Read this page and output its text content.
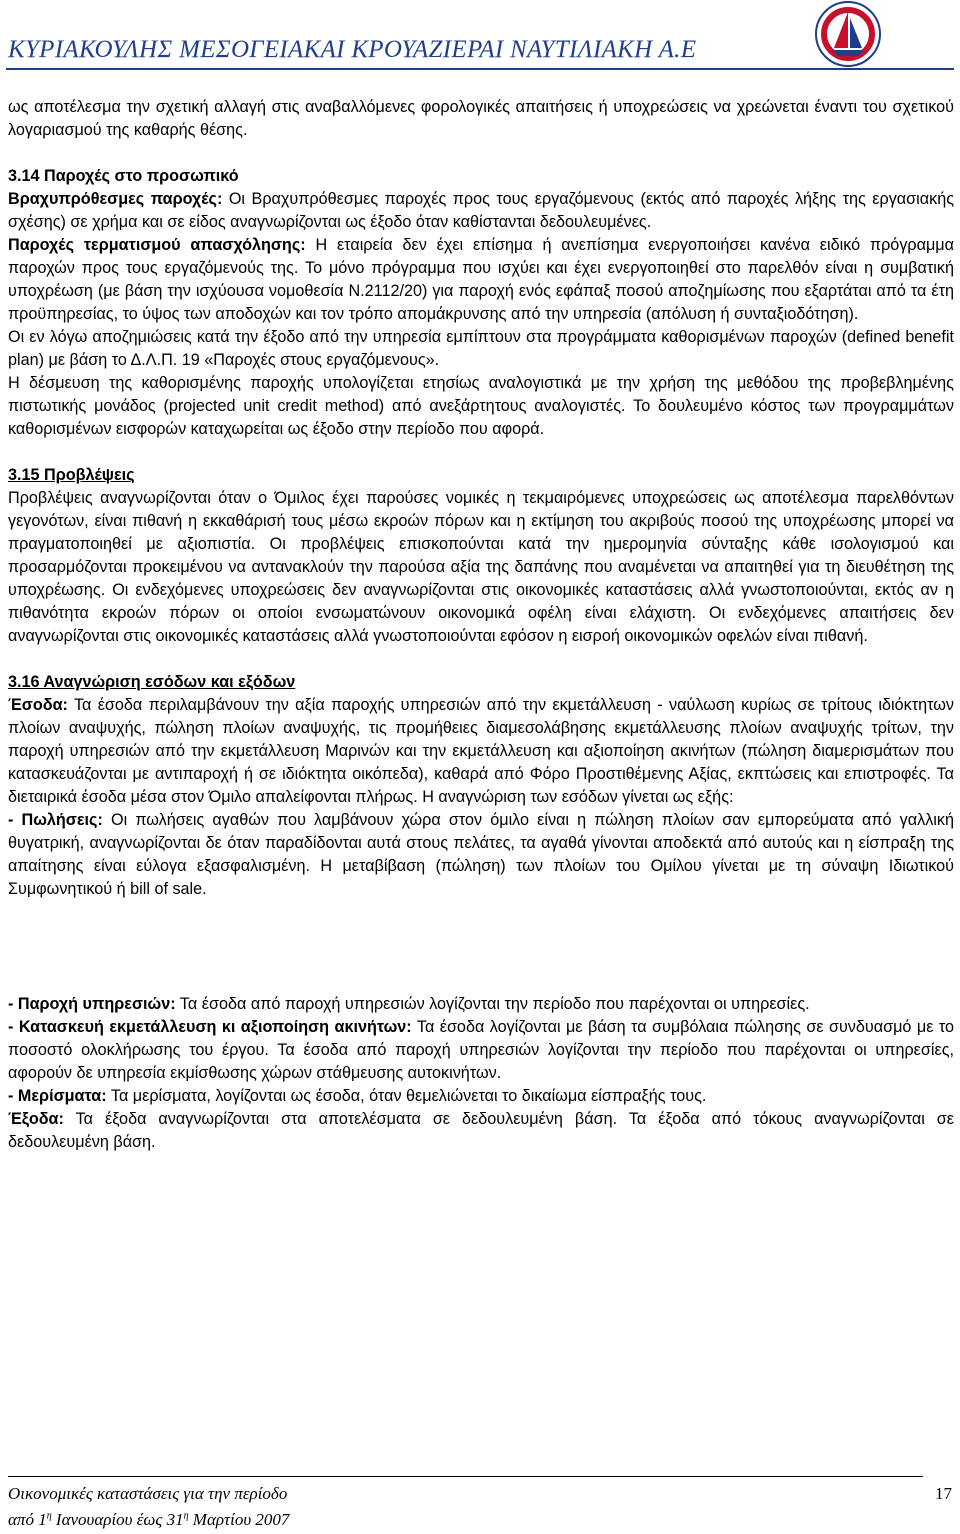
ΚΥΡΙΑΚΟΥΛΗΣ ΜΕΣΟΓΕΙΑΚΑΙ ΚΡΟΥΑΖΙΕΡΑΙ ΝΑΥΤΙΛΙΑΚΗ Α.Ε

ως αποτέλεσμα την σχετική αλλαγή στις αναβαλλόμενες φορολογικές απαιτήσεις ή υποχρεώσεις να χρεώνεται έναντι του σχετικού λογαριασμού της καθαρής θέσης.

3.14 Παροχές στο προσωπικό

Βραχυπρόθεσμες παροχές: Οι Βραχυπρόθεσμες παροχές προς τους εργαζόμενους (εκτός από παροχές λήξης της εργασιακής σχέσης) σε χρήμα και σε είδος αναγνωρίζονται ως έξοδο όταν καθίστανται δεδουλευμένες.

Παροχές τερματισμού απασχόλησης: Η εταιρεία δεν έχει επίσημα ή ανεπίσημα ενεργοποιήσει κανένα ειδικό πρόγραμμα παροχών προς τους εργαζόμενούς της. Το μόνο πρόγραμμα που ισχύει και έχει ενεργοποιηθεί στο παρελθόν είναι η συμβατική υποχρέωση (με βάση την ισχύουσα νομοθεσία Ν.2112/20) για παροχή ενός εφάπαξ ποσού αποζημίωσης που εξαρτάται από τα έτη προϋπηρεσίας, το ύψος των αποδοχών και τον τρόπο απομάκρυνσης από την υπηρεσία (απόλυση ή συνταξιοδότηση).

Οι εν λόγω αποζημιώσεις κατά την έξοδο από την υπηρεσία εμπίπτουν στα προγράμματα καθορισμένων παροχών (defined benefit plan) με βάση το Δ.Λ.Π. 19 «Παροχές στους εργαζόμενους».

Η δέσμευση της καθορισμένης παροχής υπολογίζεται ετησίως αναλογιστικά με την χρήση της μεθόδου της προβεβλημένης πιστωτικής μονάδος (projected unit credit method) από ανεξάρτητους αναλογιστές. Το δουλευμένο κόστος των προγραμμάτων καθορισμένων εισφορών καταχωρείται ως έξοδο στην περίοδο που αφορά.

3.15 Προβλέψεις

Προβλέψεις αναγνωρίζονται όταν ο Όμιλος έχει παρούσες νομικές η τεκμαιρόμενες υποχρεώσεις ως αποτέλεσμα παρελθόντων γεγονότων, είναι πιθανή η εκκαθάρισή τους μέσω εκροών πόρων και η εκτίμηση του ακριβούς ποσού της υποχρέωσης μπορεί να πραγματοποιηθεί με αξιοπιστία. Οι προβλέψεις επισκοπούνται κατά την ημερομηνία σύνταξης κάθε ισολογισμού και προσαρμόζονται προκειμένου να αντανακλούν την παρούσα αξία της δαπάνης που αναμένεται να απαιτηθεί για τη διευθέτηση της υποχρέωσης. Οι ενδεχόμενες υποχρεώσεις δεν αναγνωρίζονται στις οικονομικές καταστάσεις αλλά γνωστοποιούνται, εκτός αν η πιθανότητα εκροών πόρων οι οποίοι ενσωματώνουν οικονομικά οφέλη είναι ελάχιστη. Οι ενδεχόμενες απαιτήσεις δεν αναγνωρίζονται στις οικονομικές καταστάσεις αλλά γνωστοποιούνται εφόσον η εισροή οικονομικών οφελών είναι πιθανή.

3.16 Αναγνώριση εσόδων και εξόδων

Έσοδα: Τα έσοδα περιλαμβάνουν την αξία παροχής υπηρεσιών από την εκμετάλλευση - ναύλωση κυρίως σε τρίτους ιδιόκτητων πλοίων αναψυχής, πώληση πλοίων αναψυχής, τις προμήθειες διαμεσολάβησης εκμετάλλευσης πλοίων αναψυχής τρίτων, την παροχή υπηρεσιών από την εκμετάλλευση Μαρινών και την εκμετάλλευση και αξιοποίηση ακινήτων (πώληση διαμερισμάτων που κατασκευάζονται με αντιπαροχή ή σε ιδιόκτητα οικόπεδα), καθαρά από Φόρο Προστιθέμενης Αξίας, εκπτώσεις και επιστροφές. Τα διεταιρικά έσοδα μέσα στον Όμιλο απαλείφονται πλήρως. Η αναγνώριση των εσόδων γίνεται ως εξής:

- Πωλήσεις: Οι πωλήσεις αγαθών που λαμβάνουν χώρα στον όμιλο είναι η πώληση πλοίων σαν εμπορεύματα από γαλλική θυγατρική, αναγνωρίζονται δε όταν παραδίδονται αυτά στους πελάτες, τα αγαθά γίνονται αποδεκτά από αυτούς και η είσπραξη της απαίτησης είναι εύλογα εξασφαλισμένη. Η μεταβίβαση (πώληση) των πλοίων του Ομίλου γίνεται με τη σύναψη Ιδιωτικού Συμφωνητικού ή bill of sale.

- Παροχή υπηρεσιών: Τα έσοδα από παροχή υπηρεσιών λογίζονται την περίοδο που παρέχονται οι υπηρεσίες.

- Κατασκευή εκμετάλλευση κι αξιοποίηση ακινήτων: Τα έσοδα λογίζονται με βάση τα συμβόλαια πώλησης σε συνδυασμό με το ποσοστό ολοκλήρωσης του έργου. Τα έσοδα από παροχή υπηρεσιών λογίζονται την περίοδο που παρέχονται οι υπηρεσίες, αφορούν δε υπηρεσία εκμίσθωσης χώρων στάθμευσης αυτοκινήτων.

- Μερίσματα: Τα μερίσματα, λογίζονται ως έσοδα, όταν θεμελιώνεται το δικαίωμα είσπραξής τους.

Έξοδα: Τα έξοδα αναγνωρίζονται στα αποτελέσματα σε δεδουλευμένη βάση. Τα έξοδα από τόκους αναγνωρίζονται σε δεδουλευμένη βάση.

Οικονομικές καταστάσεις για την περίοδο
από $1^\eta$ Ιανουαρίου έως $31^\eta$ Μαρτίου 2007
17
